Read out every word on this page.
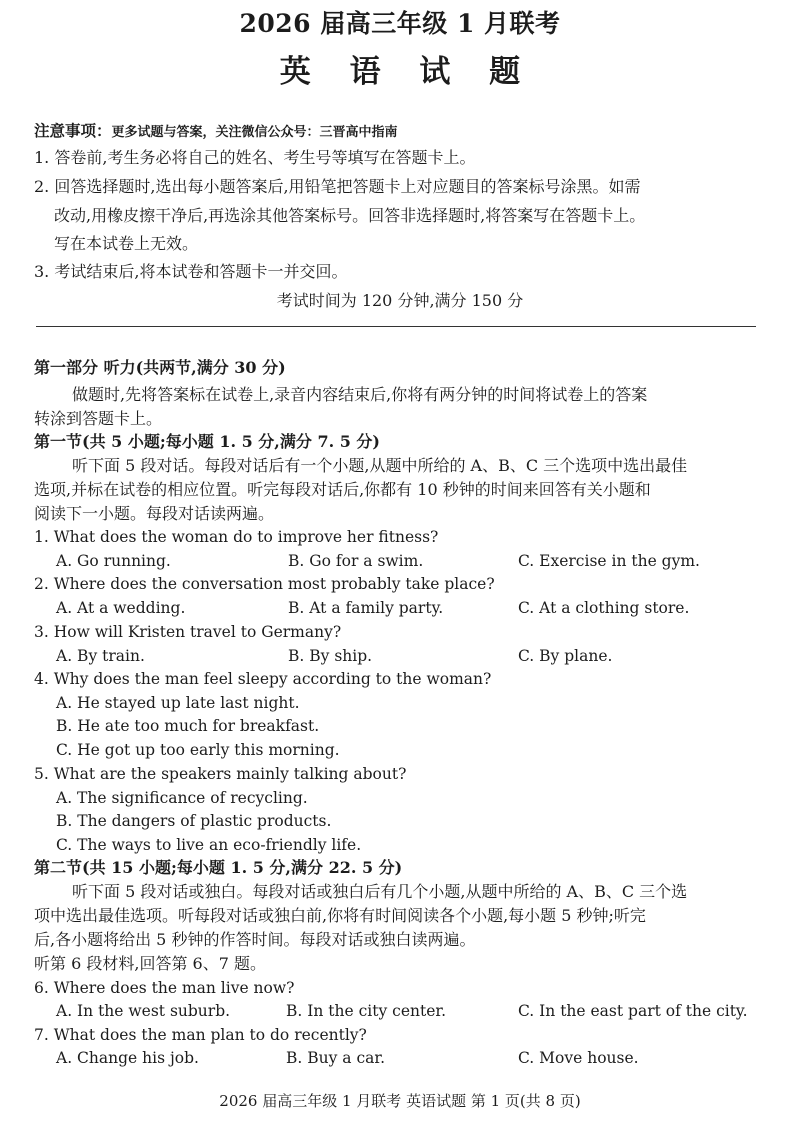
2026 届高三年级 1 月联考
英 语 试 题
注意事项：更多试题与答案，关注微信公众号：三晋高中指南
1. 答卷前,考生务必将自己的姓名、考生号等填写在答题卡上。
2. 回答选择题时,选出每小题答案后,用铅笔把答题卡上对应题目的答案标号涂黑。如需
改动,用橡皮擦干净后,再选涂其他答案标号。回答非选择题时,将答案写在答题卡上。
写在本试卷上无效。
3. 考试结束后,将本试卷和答题卡一并交回。
考试时间为 120 分钟,满分 150 分
第一部分 听力(共两节,满分 30 分)
做题时,先将答案标在试卷上,录音内容结束后,你将有两分钟的时间将试卷上的答案
转涂到答题卡上。
第一节(共 5 小题;每小题 1. 5 分,满分 7. 5 分)
听下面 5 段对话。每段对话后有一个小题,从题中所给的 A、B、C 三个选项中选出最佳
选项,并标在试卷的相应位置。听完每段对话后,你都有 10 秒钟的时间来回答有关小题和
阅读下一小题。每段对话读两遍。
1. What does the woman do to improve her fitness?
A. Go running.	B. Go for a swim.	C. Exercise in the gym.
2. Where does the conversation most probably take place?
A. At a wedding.	B. At a family party.	C. At a clothing store.
3. How will Kristen travel to Germany?
A. By train.	B. By ship.	C. By plane.
4. Why does the man feel sleepy according to the woman?
A. He stayed up late last night.
B. He ate too much for breakfast.
C. He got up too early this morning.
5. What are the speakers mainly talking about?
A. The significance of recycling.
B. The dangers of plastic products.
C. The ways to live an eco-friendly life.
第二节(共 15 小题;每小题 1. 5 分,满分 22. 5 分)
听下面 5 段对话或独白。每段对话或独白后有几个小题,从题中所给的 A、B、C 三个选
项中选出最佳选项。听每段对话或独白前,你将有时间阅读各个小题,每小题 5 秒钟;听完
后,各小题将给出 5 秒钟的作答时间。每段对话或独白读两遍。
听第 6 段材料,回答第 6、7 题。
6. Where does the man live now?
A. In the west suburb.	B. In the city center.	C. In the east part of the city.
7. What does the man plan to do recently?
A. Change his job.	B. Buy a car.	C. Move house.
2026 届高三年级 1 月联考 英语试题 第 1 页(共 8 页)
